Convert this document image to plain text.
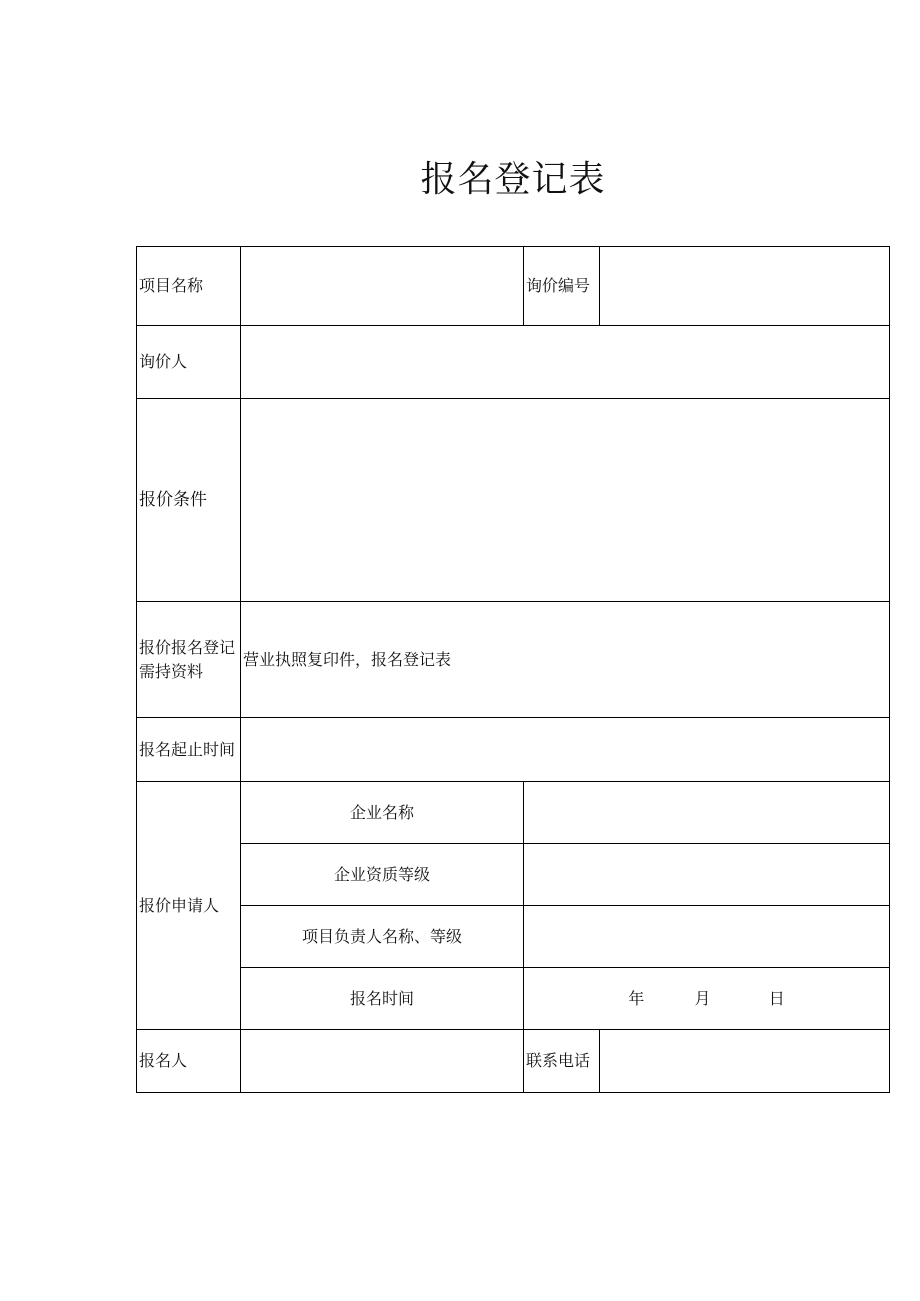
报名登记表
项目名称		询价编号	
询价人			
报价条件			
报价报名登记需持资料	营业执照复印件，报名登记表		
报名起止时间			
报价申请人	企业名称		
	企业资质等级		
	项目负责人名称、等级		
	报名时间	年 月 日	
报名人		联系电话	
